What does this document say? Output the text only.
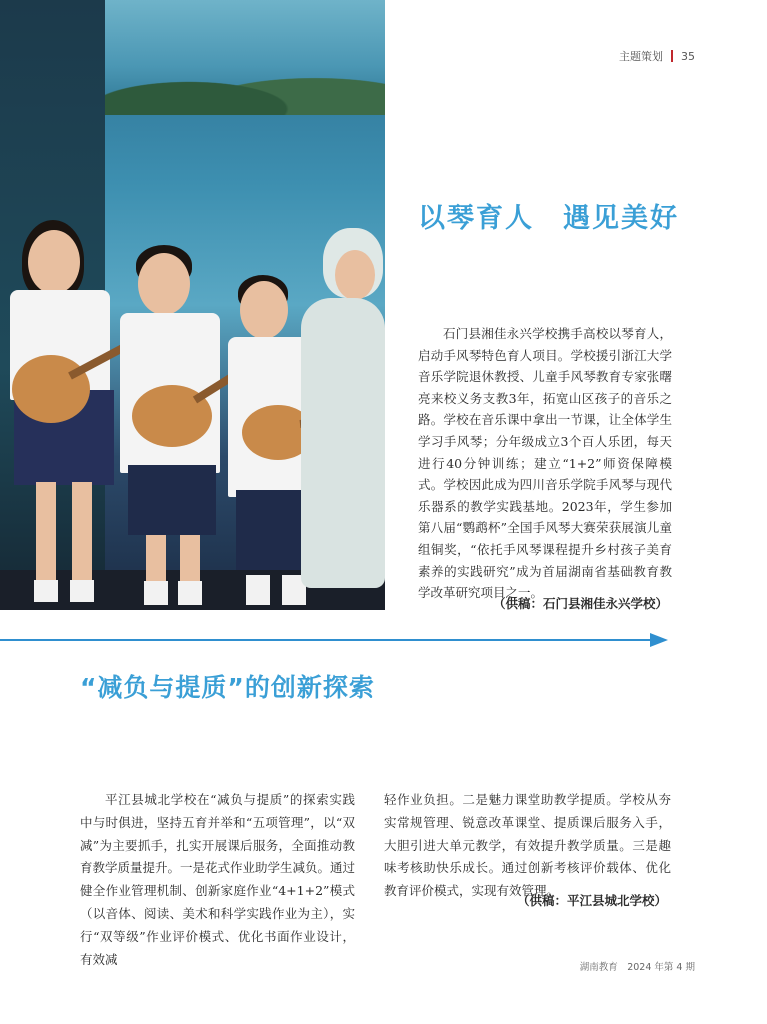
主题策划 35
以琴育人　遇见美好

石门县湘佳永兴学校携手高校以琴育人，启动手风琴特色育人项目。学校援引浙江大学音乐学院退休教授、儿童手风琴教育专家张曙亮来校义务支教3年，拓宽山区孩子的音乐之路。学校在音乐课中拿出一节课，让全体学生学习手风琴；分年级成立3个百人乐团，每天进行40分钟训练；建立“1+2”师资保障模式。学校因此成为四川音乐学院手风琴与现代乐器系的教学实践基地。2023年，学生参加第八届“鹦鹉杯”全国手风琴大赛荣获展演儿童组铜奖，“依托手风琴课程提升乡村孩子美育素养的实践研究”成为首届湖南省基础教育教学改革研究项目之一。

（供稿：石门县湘佳永兴学校）

“减负与提质”的创新探索

平江县城北学校在“减负与提质”的探索实践中与时俱进，坚持五育并举和“五项管理”，以“双减”为主要抓手，扎实开展课后服务，全面推动教育教学质量提升。一是花式作业助学生减负。通过健全作业管理机制、创新家庭作业“4+1+2”模式（以音体、阅读、美术和科学实践作业为主），实行“双等级”作业评价模式、优化书面作业设计，有效减

轻作业负担。二是魅力课堂助教学提质。学校从夯实常规管理、锐意改革课堂、提质课后服务入手，大胆引进大单元教学，有效提升教学质量。三是趣味考核助快乐成长。通过创新考核评价载体、优化教育评价模式，实现有效管理。

（供稿：平江县城北学校）

湖南教育　2024 年第 4 期
